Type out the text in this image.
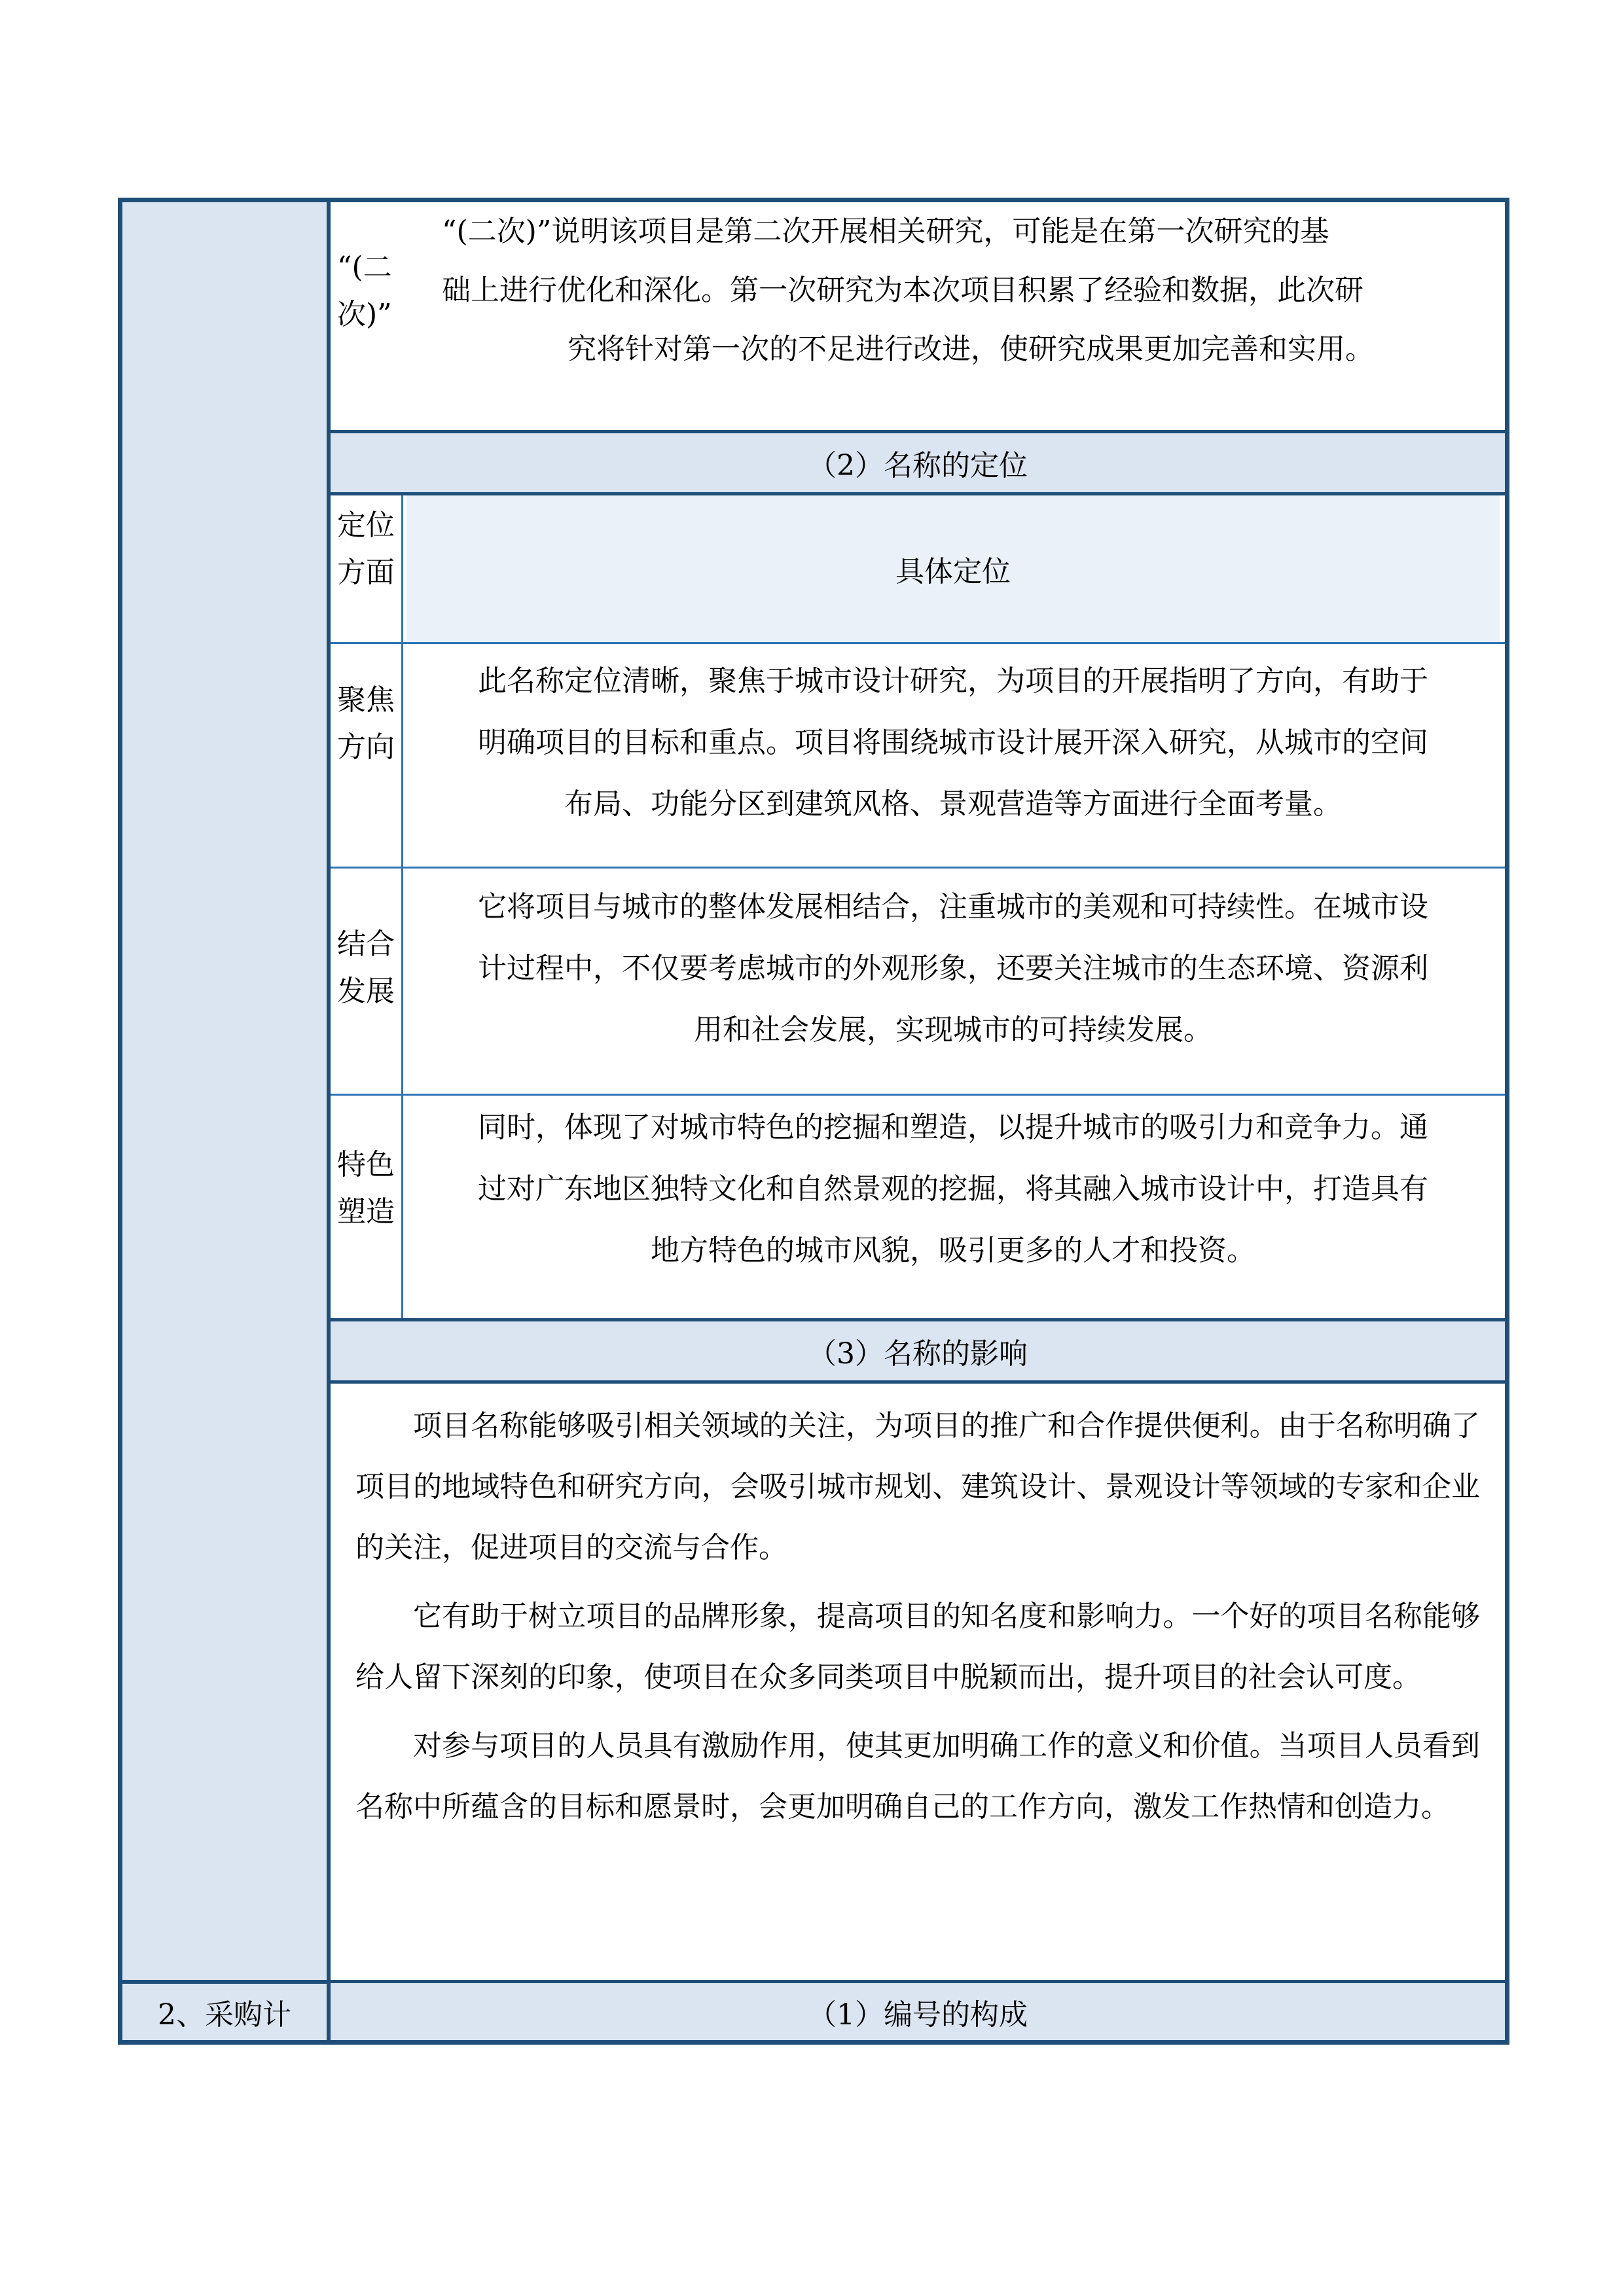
2、采购计
“(二
次)”
“(二次)”说明该项目是第二次开展相关研究，可能是在第一次研究的基
础上进行优化和深化。第一次研究为本次项目积累了经验和数据，此次研
究将针对第一次的不足进行改进，使研究成果更加完善和实用。
（2）名称的定位
定位
方面	具体定位
聚焦
方向
此名称定位清晰，聚焦于城市设计研究，为项目的开展指明了方向，有助于
明确项目的目标和重点。项目将围绕城市设计展开深入研究，从城市的空间
布局、功能分区到建筑风格、景观营造等方面进行全面考量。
结合
发展
它将项目与城市的整体发展相结合，注重城市的美观和可持续性。在城市设
计过程中，不仅要考虑城市的外观形象，还要关注城市的生态环境、资源利
用和社会发展，实现城市的可持续发展。
特色
塑造
同时，体现了对城市特色的挖掘和塑造，以提升城市的吸引力和竞争力。通
过对广东地区独特文化和自然景观的挖掘，将其融入城市设计中，打造具有
地方特色的城市风貌，吸引更多的人才和投资。
（3）名称的影响

项目名称能够吸引相关领域的关注，为项目的推广和合作提供便利。由于名称明确了项目的地域特色和研究方向，会吸引城市规划、建筑设计、景观设计等领域的专家和企业的关注，促进项目的交流与合作。

它有助于树立项目的品牌形象，提高项目的知名度和影响力。一个好的项目名称能够给人留下深刻的印象，使项目在众多同类项目中脱颖而出，提升项目的社会认可度。

对参与项目的人员具有激励作用，使其更加明确工作的意义和价值。当项目人员看到名称中所蕴含的目标和愿景时，会更加明确自己的工作方向，激发工作热情和创造力。

（1）编号的构成
